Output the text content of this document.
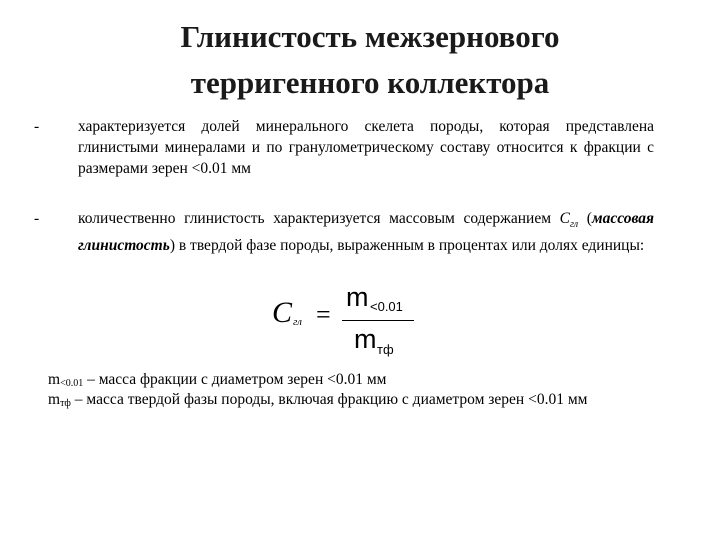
Глинистость межзернового
терригенного коллектора
-	характеризуется долей минерального скелета породы, которая представлена глинистыми минералами и по гранулометрическому составу относится к фракции с размерами зерен <0.01 мм
-	количественно глинистость характеризуется массовым содержанием $C_{гл}$ (массовая глинистость) в твердой фазе породы, выраженным в процентах или долях единицы:
C гл =
m <0.01
m тф
$m_{<0.01}$ – масса фракции с диаметром зерен <0.01 мм
$m_{тф}$ – масса твердой фазы породы, включая фракцию с диаметром зерен <0.01 мм
